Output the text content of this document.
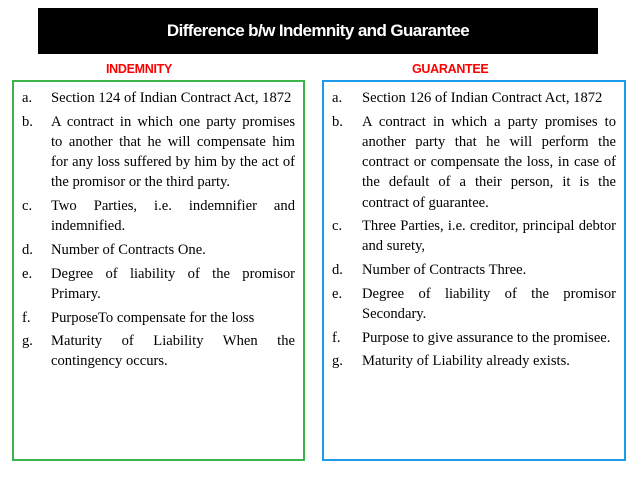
Difference b/w Indemnity and Guarantee
INDEMNITY	GUARANTEE
a.	Section 124 of Indian Contract Act, 1872
b.	A contract in which one party promises to another that he will compensate him for any loss suffered by him by the act of the promisor or the third party.
c.	Two Parties, i.e. indemnifier and indemnified.
d.	Number of Contracts One.
e.	Degree of liability of the promisor Primary.
f.	PurposeTo compensate for the loss
g.	Maturity of Liability When the contingency occurs.
a.	Section 126 of Indian Contract Act, 1872
b.	A contract in which a party promises to another party that he will perform the contract or compensate the loss, in case of the default of a their person, it is the contract of guarantee.
c.	Three Parties, i.e. creditor, principal debtor and surety,
d.	Number of Contracts Three.
e.	Degree of liability of the promisor Secondary.
f.	Purpose to give assurance to the promisee.
g.	Maturity of Liability already exists.
